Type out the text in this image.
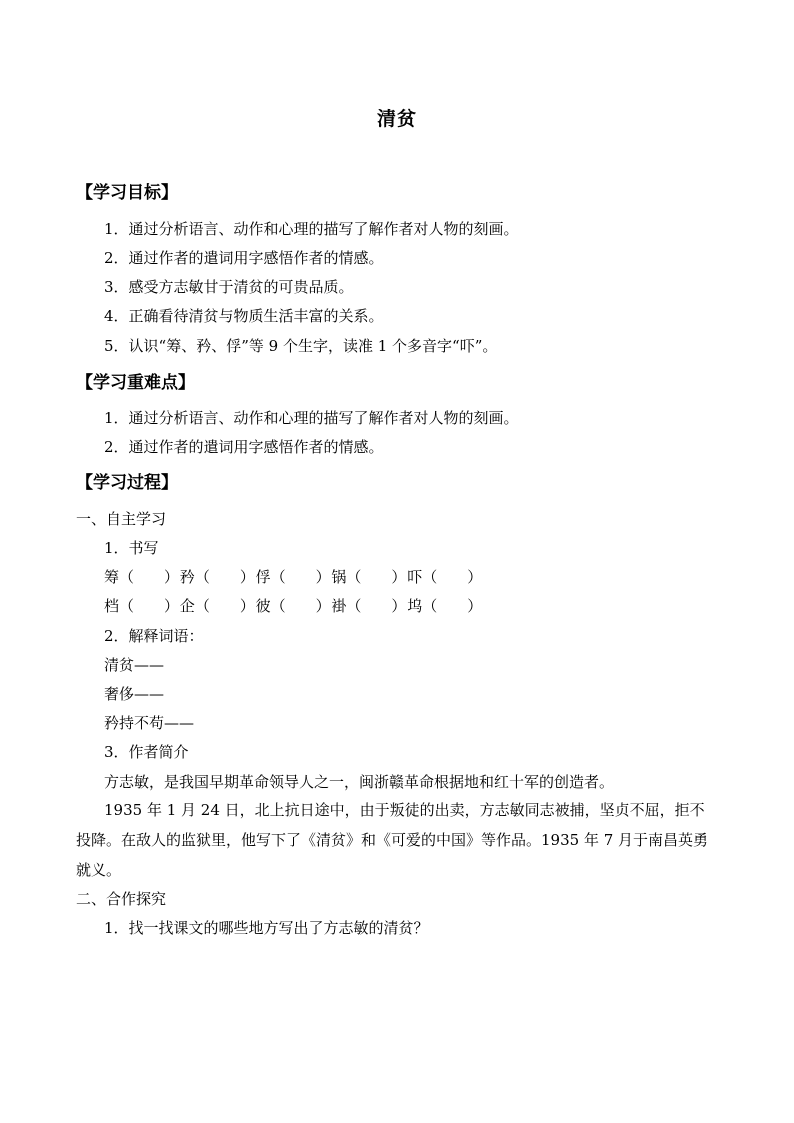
清贫
【学习目标】
1．通过分析语言、动作和心理的描写了解作者对人物的刻画。
2．通过作者的遣词用字感悟作者的情感。
3．感受方志敏甘于清贫的可贵品质。
4．正确看待清贫与物质生活丰富的关系。
5．认识“筹、矜、俘”等 9 个生字，读准 1 个多音字“吓”。
【学习重难点】
1．通过分析语言、动作和心理的描写了解作者对人物的刻画。
2．通过作者的遣词用字感悟作者的情感。
【学习过程】
一、自主学习
1．书写
筹（　　） 矜（　　） 俘（　　） 锅（　　） 吓（　　）
档（　　） 企（　　） 彼（　　） 褂（　　） 坞（　　）
2．解释词语：
清贫——
奢侈——
矜持不苟——
3．作者简介
方志敏，是我国早期革命领导人之一，闽浙赣革命根据地和红十军的创造者。
1935 年 1 月 24 日，北上抗日途中，由于叛徒的出卖，方志敏同志被捕，坚贞不屈，拒不投降。在敌人的监狱里，他写下了《清贫》和《可爱的中国》等作品。1935 年 7 月于南昌英勇就义。
二、合作探究
1．找一找课文的哪些地方写出了方志敏的清贫？
